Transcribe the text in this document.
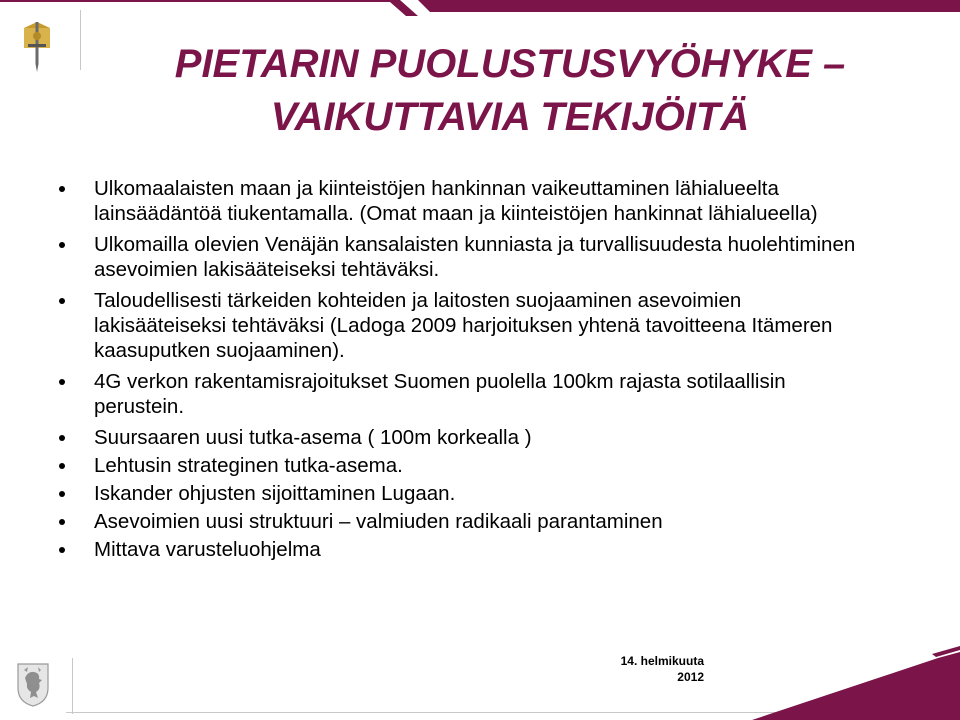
PIETARIN PUOLUSTUSVYÖHYKE –
VAIKUTTAVIA TEKIJÖITÄ
Ulkomaalaisten maan ja kiinteistöjen hankinnan vaikeuttaminen lähialueelta lainsäädäntöä tiukentamalla. (Omat maan ja kiinteistöjen hankinnat lähialueella)
Ulkomailla olevien Venäjän kansalaisten kunniasta ja turvallisuudesta huolehtiminen asevoimien lakisääteiseksi tehtäväksi.
Taloudellisesti tärkeiden kohteiden ja laitosten suojaaminen asevoimien lakisääteiseksi tehtäväksi (Ladoga 2009 harjoituksen yhtenä tavoitteena Itämeren kaasuputken suojaaminen).
4G verkon rakentamisrajoitukset Suomen puolella 100km rajasta sotilaallisin perustein.
Suursaaren uusi tutka-asema ( 100m korkealla )
Lehtusin strateginen tutka-asema.
Iskander ohjusten sijoittaminen Lugaan.
Asevoimien uusi struktuuri – valmiuden radikaali parantaminen
Mittava varusteluohjelma
14. helmikuuta
2012
